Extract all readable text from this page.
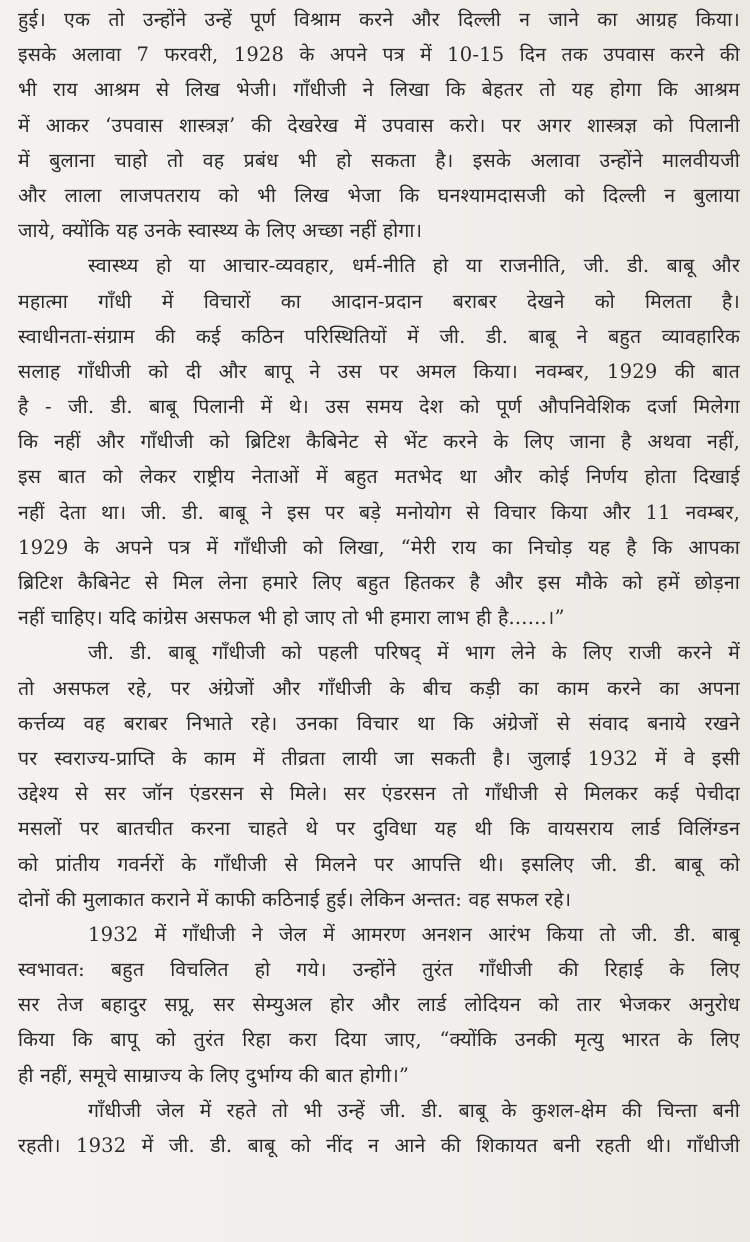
हुई। एक तो उन्होंने उन्हें पूर्ण विश्राम करने और दिल्ली न जाने का आग्रह किया।
इसके अलावा 7 फरवरी, 1928 के अपने पत्र में 10-15 दिन तक उपवास करने की
भी राय आश्रम से लिख भेजी। गाँधीजी ने लिखा कि बेहतर तो यह होगा कि आश्रम
में आकर ‘उपवास शास्त्रज्ञ’ की देखरेख में उपवास करो। पर अगर शास्त्रज्ञ को पिलानी
में बुलाना चाहो तो वह प्रबंध भी हो सकता है। इसके अलावा उन्होंने मालवीयजी
और लाला लाजपतराय को भी लिख भेजा कि घनश्यामदासजी को दिल्ली न बुलाया
जाये, क्योंकि यह उनके स्वास्थ्य के लिए अच्छा नहीं होगा।
स्वास्थ्य हो या आचार-व्यवहार, धर्म-नीति हो या राजनीति, जी. डी. बाबू और
महात्मा गाँधी में विचारों का आदान-प्रदान बराबर देखने को मिलता है।
स्वाधीनता-संग्राम की कई कठिन परिस्थितियों में जी. डी. बाबू ने बहुत व्यावहारिक
सलाह गाँधीजी को दी और बापू ने उस पर अमल किया। नवम्बर, 1929 की बात
है - जी. डी. बाबू पिलानी में थे। उस समय देश को पूर्ण औपनिवेशिक दर्जा मिलेगा
कि नहीं और गाँधीजी को ब्रिटिश कैबिनेट से भेंट करने के लिए जाना है अथवा नहीं,
इस बात को लेकर राष्ट्रीय नेताओं में बहुत मतभेद था और कोई निर्णय होता दिखाई
नहीं देता था। जी. डी. बाबू ने इस पर बड़े मनोयोग से विचार किया और 11 नवम्बर,
1929 के अपने पत्र में गाँधीजी को लिखा, “मेरी राय का निचोड़ यह है कि आपका
ब्रिटिश कैबिनेट से मिल लेना हमारे लिए बहुत हितकर है और इस मौके को हमें छोड़ना
नहीं चाहिए। यदि कांग्रेस असफल भी हो जाए तो भी हमारा लाभ ही है......।”
जी. डी. बाबू गाँधीजी को पहली परिषद् में भाग लेने के लिए राजी करने में
तो असफल रहे, पर अंग्रेजों और गाँधीजी के बीच कड़ी का काम करने का अपना
कर्त्तव्य वह बराबर निभाते रहे। उनका विचार था कि अंग्रेजों से संवाद बनाये रखने
पर स्वराज्य-प्राप्ति के काम में तीव्रता लायी जा सकती है। जुलाई 1932 में वे इसी
उद्देश्य से सर जॉन एंडरसन से मिले। सर एंडरसन तो गाँधीजी से मिलकर कई पेचीदा
मसलों पर बातचीत करना चाहते थे पर दुविधा यह थी कि वायसराय लार्ड विलिंग्डन
को प्रांतीय गवर्नरों के गाँधीजी से मिलने पर आपत्ति थी। इसलिए जी. डी. बाबू को
दोनों की मुलाकात कराने में काफी कठिनाई हुई। लेकिन अन्तत: वह सफल रहे।
1932 में गाँधीजी ने जेल में आमरण अनशन आरंभ किया तो जी. डी. बाबू
स्वभावत: बहुत विचलित हो गये। उन्होंने तुरंत गाँधीजी की रिहाई के लिए
सर तेज बहादुर सप्रू, सर सेम्युअल होर और लार्ड लोदियन को तार भेजकर अनुरोध
किया कि बापू को तुरंत रिहा करा दिया जाए, “क्योंकि उनकी मृत्यु भारत के लिए
ही नहीं, समूचे साम्राज्य के लिए दुर्भाग्य की बात होगी।”
गाँधीजी जेल में रहते तो भी उन्हें जी. डी. बाबू के कुशल-क्षेम की चिन्ता बनी
रहती। 1932 में जी. डी. बाबू को नींद न आने की शिकायत बनी रहती थी। गाँधीजी
